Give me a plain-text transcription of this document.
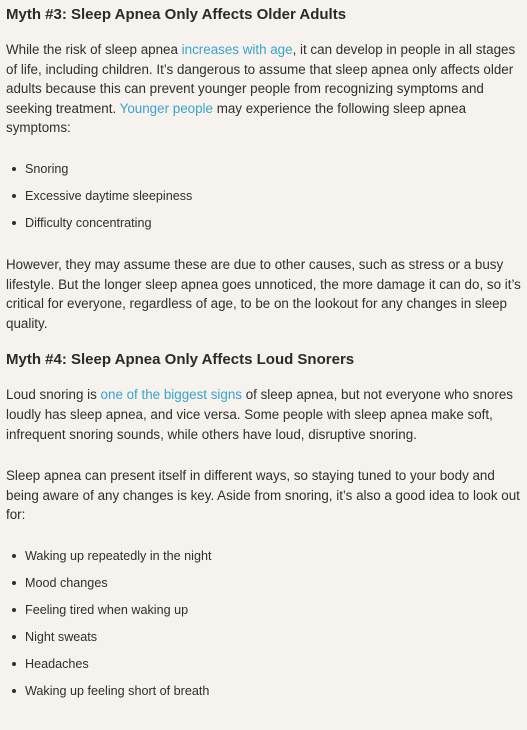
Myth #3: Sleep Apnea Only Affects Older Adults

While the risk of sleep apnea increases with age, it can develop in people in all stages of life, including children. It’s dangerous to assume that sleep apnea only affects older adults because this can prevent younger people from recognizing symptoms and seeking treatment. Younger people may experience the following sleep apnea symptoms:

Snoring
Excessive daytime sleepiness
Difficulty concentrating

However, they may assume these are due to other causes, such as stress or a busy lifestyle. But the longer sleep apnea goes unnoticed, the more damage it can do, so it’s critical for everyone, regardless of age, to be on the lookout for any changes in sleep quality.

Myth #4: Sleep Apnea Only Affects Loud Snorers

Loud snoring is one of the biggest signs of sleep apnea, but not everyone who snores loudly has sleep apnea, and vice versa. Some people with sleep apnea make soft, infrequent snoring sounds, while others have loud, disruptive snoring.

Sleep apnea can present itself in different ways, so staying tuned to your body and being aware of any changes is key. Aside from snoring, it’s also a good idea to look out for:

Waking up repeatedly in the night
Mood changes
Feeling tired when waking up
Night sweats
Headaches
Waking up feeling short of breath
